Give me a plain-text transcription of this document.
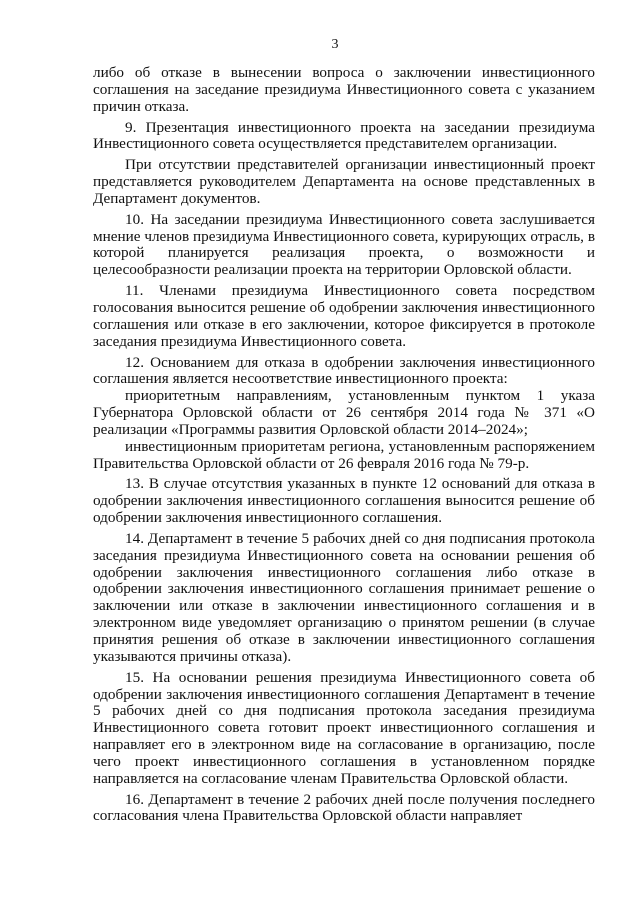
3

либо об отказе в вынесении вопроса о заключении инвестиционного соглашения на заседание президиума Инвестиционного совета с указанием причин отказа.

9. Презентация инвестиционного проекта на заседании президиума Инвестиционного совета осуществляется представителем организации.

При отсутствии представителей организации инвестиционный проект представляется руководителем Департамента на основе представленных в Департамент документов.

10. На заседании президиума Инвестиционного совета заслушивается мнение членов президиума Инвестиционного совета, курирующих отрасль, в которой планируется реализация проекта, о возможности и целесообразности реализации проекта на территории Орловской области.

11. Членами президиума Инвестиционного совета посредством голосования выносится решение об одобрении заключения инвестиционного соглашения или отказе в его заключении, которое фиксируется в протоколе заседания президиума Инвестиционного совета.

12. Основанием для отказа в одобрении заключения инвестиционного соглашения является несоответствие инвестиционного проекта:

приоритетным направлениям, установленным пунктом 1 указа Губернатора Орловской области от 26 сентября 2014 года № 371 «О реализации «Программы развития Орловской области 2014–2024»;

инвестиционным приоритетам региона, установленным распоряжением Правительства Орловской области от 26 февраля 2016 года № 79-р.

13. В случае отсутствия указанных в пункте 12 оснований для отказа в одобрении заключения инвестиционного соглашения выносится решение об одобрении заключения инвестиционного соглашения.

14. Департамент в течение 5 рабочих дней со дня подписания протокола заседания президиума Инвестиционного совета на основании решения об одобрении заключения инвестиционного соглашения либо отказе в одобрении заключения инвестиционного соглашения принимает решение о заключении или отказе в заключении инвестиционного соглашения и в электронном виде уведомляет организацию о принятом решении (в случае принятия решения об отказе в заключении инвестиционного соглашения указываются причины отказа).

15. На основании решения президиума Инвестиционного совета об одобрении заключения инвестиционного соглашения Департамент в течение 5 рабочих дней со дня подписания протокола заседания президиума Инвестиционного совета готовит проект инвестиционного соглашения и направляет его в электронном виде на согласование в организацию, после чего проект инвестиционного соглашения в установленном порядке направляется на согласование членам Правительства Орловской области.

16. Департамент в течение 2 рабочих дней после получения последнего согласования члена Правительства Орловской области направляет
